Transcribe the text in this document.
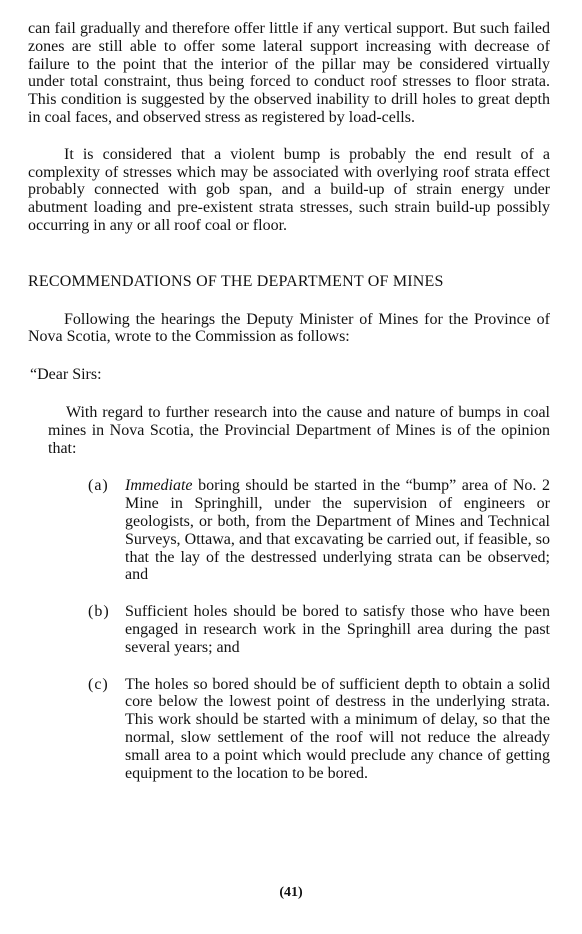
can fail gradually and therefore offer little if any vertical support. But such failed zones are still able to offer some lateral support increasing with decrease of failure to the point that the interior of the pillar may be considered virtually under total constraint, thus being forced to conduct roof stresses to floor strata. This condition is suggested by the observed inability to drill holes to great depth in coal faces, and observed stress as registered by load-cells.

It is considered that a violent bump is probably the end result of a complexity of stresses which may be associated with overlying roof strata effect probably connected with gob span, and a build-up of strain energy under abutment loading and pre-existent strata stresses, such strain build-up possibly occurring in any or all roof coal or floor.

RECOMMENDATIONS OF THE DEPARTMENT OF MINES

Following the hearings the Deputy Minister of Mines for the Province of Nova Scotia, wrote to the Commission as follows:

“Dear Sirs:

With regard to further research into the cause and nature of bumps in coal mines in Nova Scotia, the Provincial Department of Mines is of the opinion that:

(a) Immediate boring should be started in the “bump” area of No. 2 Mine in Springhill, under the supervision of engineers or geologists, or both, from the Department of Mines and Technical Surveys, Ottawa, and that excavating be carried out, if feasible, so that the lay of the destressed underlying strata can be observed; and

(b) Sufficient holes should be bored to satisfy those who have been engaged in research work in the Springhill area during the past several years; and

(c) The holes so bored should be of sufficient depth to obtain a solid core below the lowest point of destress in the underlying strata. This work should be started with a minimum of delay, so that the normal, slow settlement of the roof will not reduce the already small area to a point which would preclude any chance of getting equipment to the location to be bored.

(41)
